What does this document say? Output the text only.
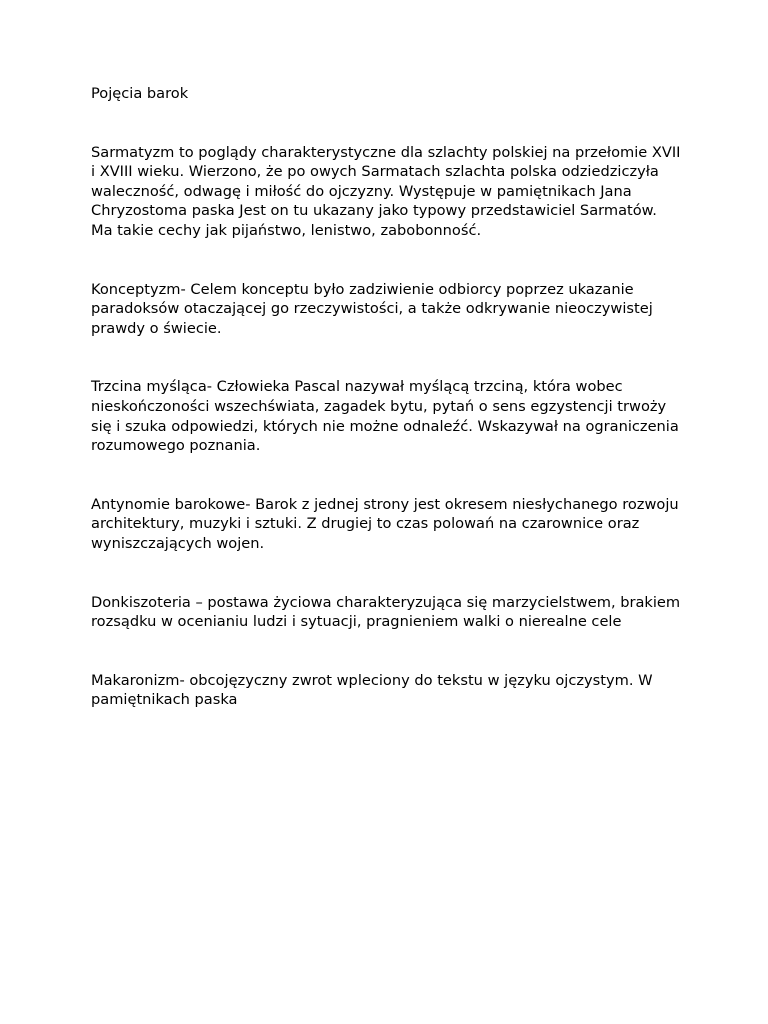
Pojęcia barok

Sarmatyzm to poglądy charakterystyczne dla szlachty polskiej na przełomie XVII i XVIII wieku. Wierzono, że po owych Sarmatach szlachta polska odziedziczyła waleczność, odwagę i miłość do ojczyzny. Występuje w pamiętnikach Jana Chryzostoma paska Jest on tu ukazany jako typowy przedstawiciel Sarmatów. Ma takie cechy jak pijaństwo, lenistwo, zabobonność.

Konceptyzm- Celem konceptu było zadziwienie odbiorcy poprzez ukazanie paradoksów otaczającej go rzeczywistości, a także odkrywanie nieoczywistej prawdy o świecie.

Trzcina myśląca- Człowieka Pascal nazywał myślącą trzciną, która wobec nieskończoności wszechświata, zagadek bytu, pytań o sens egzystencji trwoży się i szuka odpowiedzi, których nie możne odnaleźć. Wskazywał na ograniczenia rozumowego poznania.

Antynomie barokowe- Barok z jednej strony jest okresem niesłychanego rozwoju architektury, muzyki i sztuki. Z drugiej to czas polowań na czarownice oraz wyniszczających wojen.

Donkiszoteria – postawa życiowa charakteryzująca się marzycielstwem, brakiem rozsądku w ocenianiu ludzi i sytuacji, pragnieniem walki o nierealne cele

Makaronizm- obcojęzyczny zwrot wpleciony do tekstu w języku ojczystym. W pamiętnikach paska
